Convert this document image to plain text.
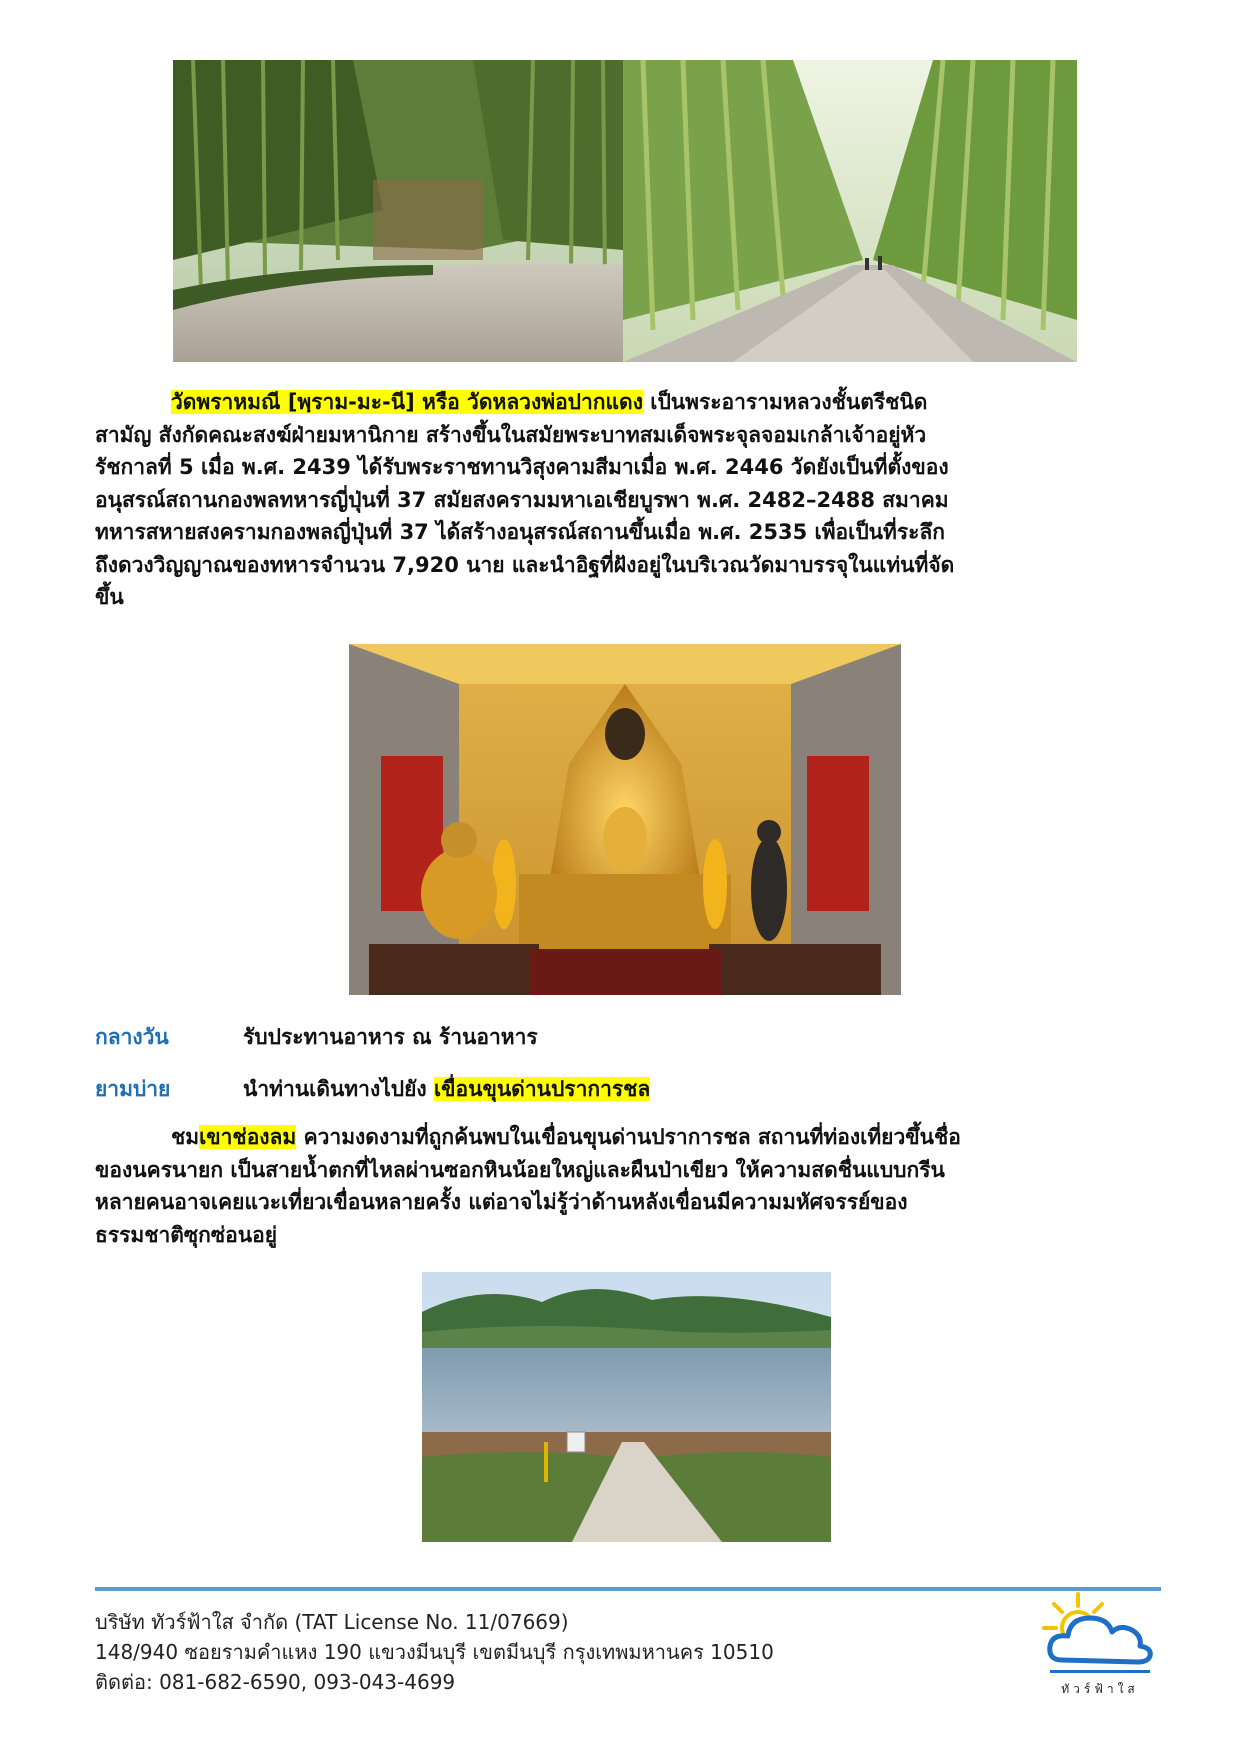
วัดพราหมณี [พฺราม-มะ-นี] หรือ วัดหลวงพ่อปากแดง เป็นพระอารามหลวงชั้นตรีชนิด
สามัญ สังกัดคณะสงฆ์ฝ่ายมหานิกาย สร้างขึ้นในสมัยพระบาทสมเด็จพระจุลจอมเกล้าเจ้าอยู่หัว
รัชกาลที่ 5 เมื่อ พ.ศ. 2439 ได้รับพระราชทานวิสุงคามสีมาเมื่อ พ.ศ. 2446 วัดยังเป็นที่ตั้งของ
อนุสรณ์สถานกองพลทหารญี่ปุ่นที่ 37 สมัยสงครามมหาเอเชียบูรพา พ.ศ. 2482–2488 สมาคม
ทหารสหายสงครามกองพลญี่ปุ่นที่ 37 ได้สร้างอนุสรณ์สถานขึ้นเมื่อ พ.ศ. 2535 เพื่อเป็นที่ระลึก
ถึงดวงวิญญาณของทหารจำนวน 7,920 นาย และนำอิฐที่ฝังอยู่ในบริเวณวัดมาบรรจุในแท่นที่จัด
ขึ้น

กลางวัน	รับประทานอาหาร ณ ร้านอาหาร
ยามบ่าย	นำท่านเดินทางไปยัง เขื่อนขุนด่านปราการชล

ชมเขาช่องลม ความงดงามที่ถูกค้นพบในเขื่อนขุนด่านปราการชล สถานที่ท่องเที่ยวขึ้นชื่อ
ของนครนายก เป็นสายน้ำตกที่ไหลผ่านซอกหินน้อยใหญ่และผืนป่าเขียว ให้ความสดชื่นแบบกรีน
หลายคนอาจเคยแวะเที่ยวเขื่อนหลายครั้ง แต่อาจไม่รู้ว่าด้านหลังเขื่อนมีความมหัศจรรย์ของ
ธรรมชาติซุกซ่อนอยู่

บริษัท ทัวร์ฟ้าใส จำกัด (TAT License No. 11/07669)
148/940 ซอยรามคำแหง 190 แขวงมีนบุรี เขตมีนบุรี กรุงเทพมหานคร 10510
ติดต่อ: 081-682-6590, 093-043-4699	ทัวร์ฟ้าใส
